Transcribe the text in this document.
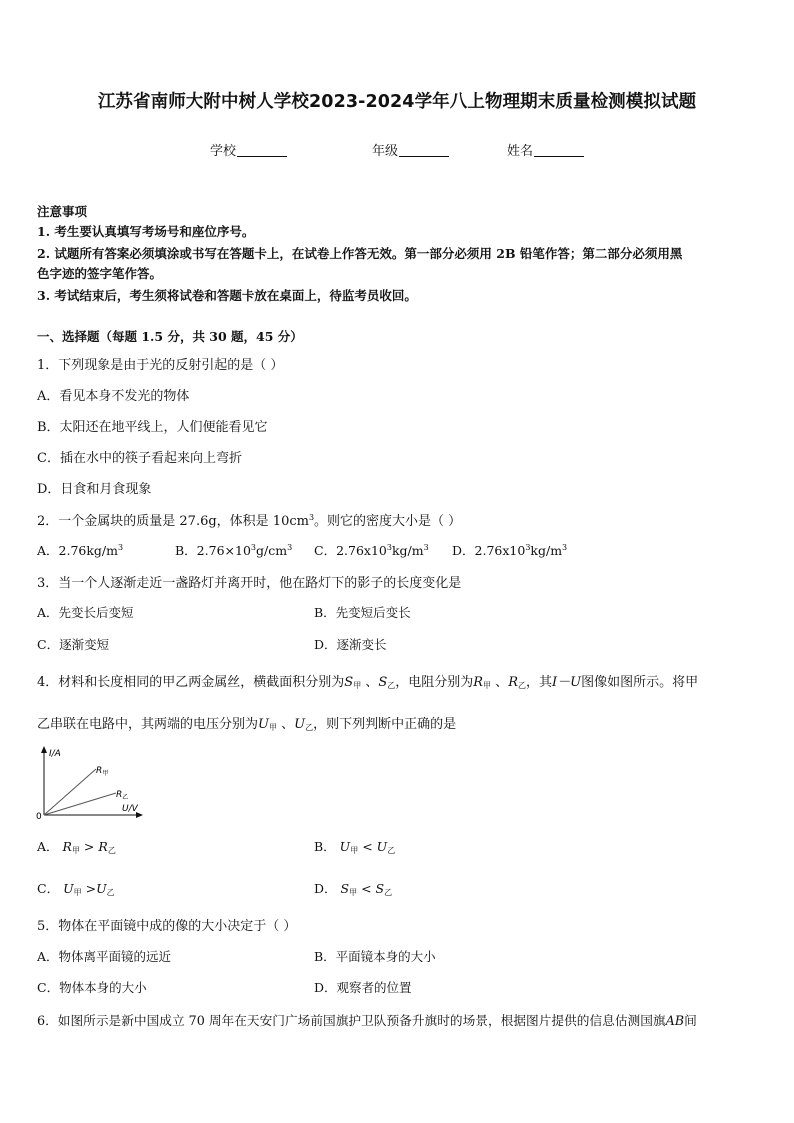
江苏省南师大附中树人学校2023-2024学年八上物理期末质量检测模拟试题
学校	年级	姓名
注意事项
1. 考生要认真填写考场号和座位序号。
2. 试题所有答案必须填涂或书写在答题卡上，在试卷上作答无效。第一部分必须用 2B 铅笔作答；第二部分必须用黑
色字迹的签字笔作答。
3. 考试结束后，考生须将试卷和答题卡放在桌面上，待监考员收回。
一、选择题（每题 1.5 分，共 30 题，45 分）
1．下列现象是由于光的反射引起的是（ ）
A．看见本身不发光的物体
B．太阳还在地平线上，人们便能看见它
C．插在水中的筷子看起来向上弯折
D．日食和月食现象
2．一个金属块的质量是 27.6g，体积是 $10cm^3$。则它的密度大小是（ ）
A．$2.76kg/m^3$	B．$2.76\times 10^3g/cm^3$ C．$2.76x10^3kg/m^3$ D．$2.76x10^3kg/m^3$
3．当一个人逐渐走近一盏路灯并离开时，他在路灯下的影子的长度变化是
A．先变长后变短	B．先变短后变长
C．逐渐变短	D．逐渐变长
4．材料和长度相同的甲乙两金属丝，横截面积分别为$S_甲$ 、$S_乙$，电阻分别为$R_甲$ 、$R_乙$，其I－U图像如图所示。将甲
乙串联在电路中，其两端的电压分别为$U_甲$ 、$U_乙$，则下列判断中正确的是
I/A
U/V
0
$R_甲$
$R_乙$
A． $R_甲 > R_乙$	B． $U_甲 < U_乙$
C． $U_甲 >U_乙$	D． $S_甲 < S_乙$
5．物体在平面镜中成的像的大小决定于（ ）
A．物体离平面镜的远近	B．平面镜本身的大小
C．物体本身的大小	D．观察者的位置
6．如图所示是新中国成立 70 周年在天安门广场前国旗护卫队预备升旗时的场景，根据图片提供的信息估测国旗AB间
